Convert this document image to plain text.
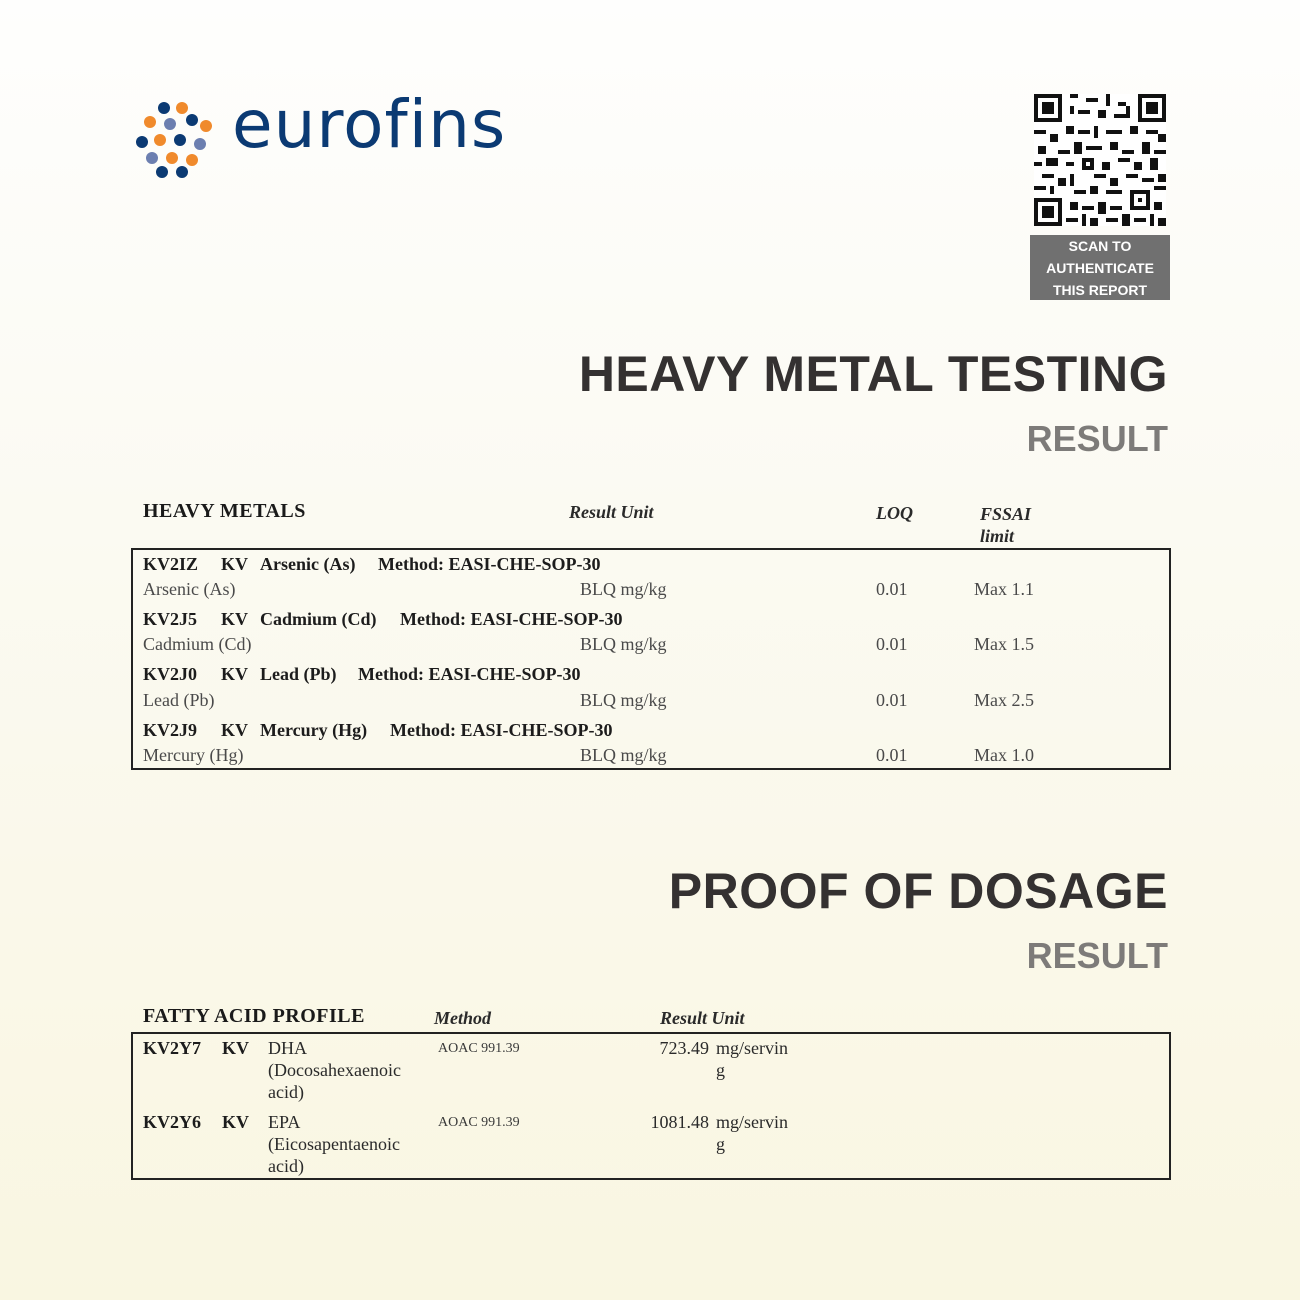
eurofins
SCAN TO
AUTHENTICATE
THIS REPORT
HEAVY METAL TESTING
RESULT
HEAVY METALS	Result Unit	LOQ	FSSAI
limit
KV2IZ KV Arsenic (As) Method: EASI-CHE-SOP-30
Arsenic (As)	BLQ mg/kg	0.01	Max 1.1
KV2J5 KV Cadmium (Cd) Method: EASI-CHE-SOP-30
Cadmium (Cd)	BLQ mg/kg	0.01	Max 1.5
KV2J0 KV Lead (Pb) Method: EASI-CHE-SOP-30
Lead (Pb)	BLQ mg/kg	0.01	Max 2.5
KV2J9 KV Mercury (Hg) Method: EASI-CHE-SOP-30
Mercury (Hg)	BLQ mg/kg	0.01	Max 1.0
PROOF OF DOSAGE
RESULT
FATTY ACID PROFILE	Method	Result Unit
KV2Y7 KV DHA
(Docosahexaenoic
acid)
AOAC 991.39	723.49 mg/servin
g
KV2Y6 KV EPA
(Eicosapentaenoic
acid)
AOAC 991.39	1081.48 mg/servin
g
